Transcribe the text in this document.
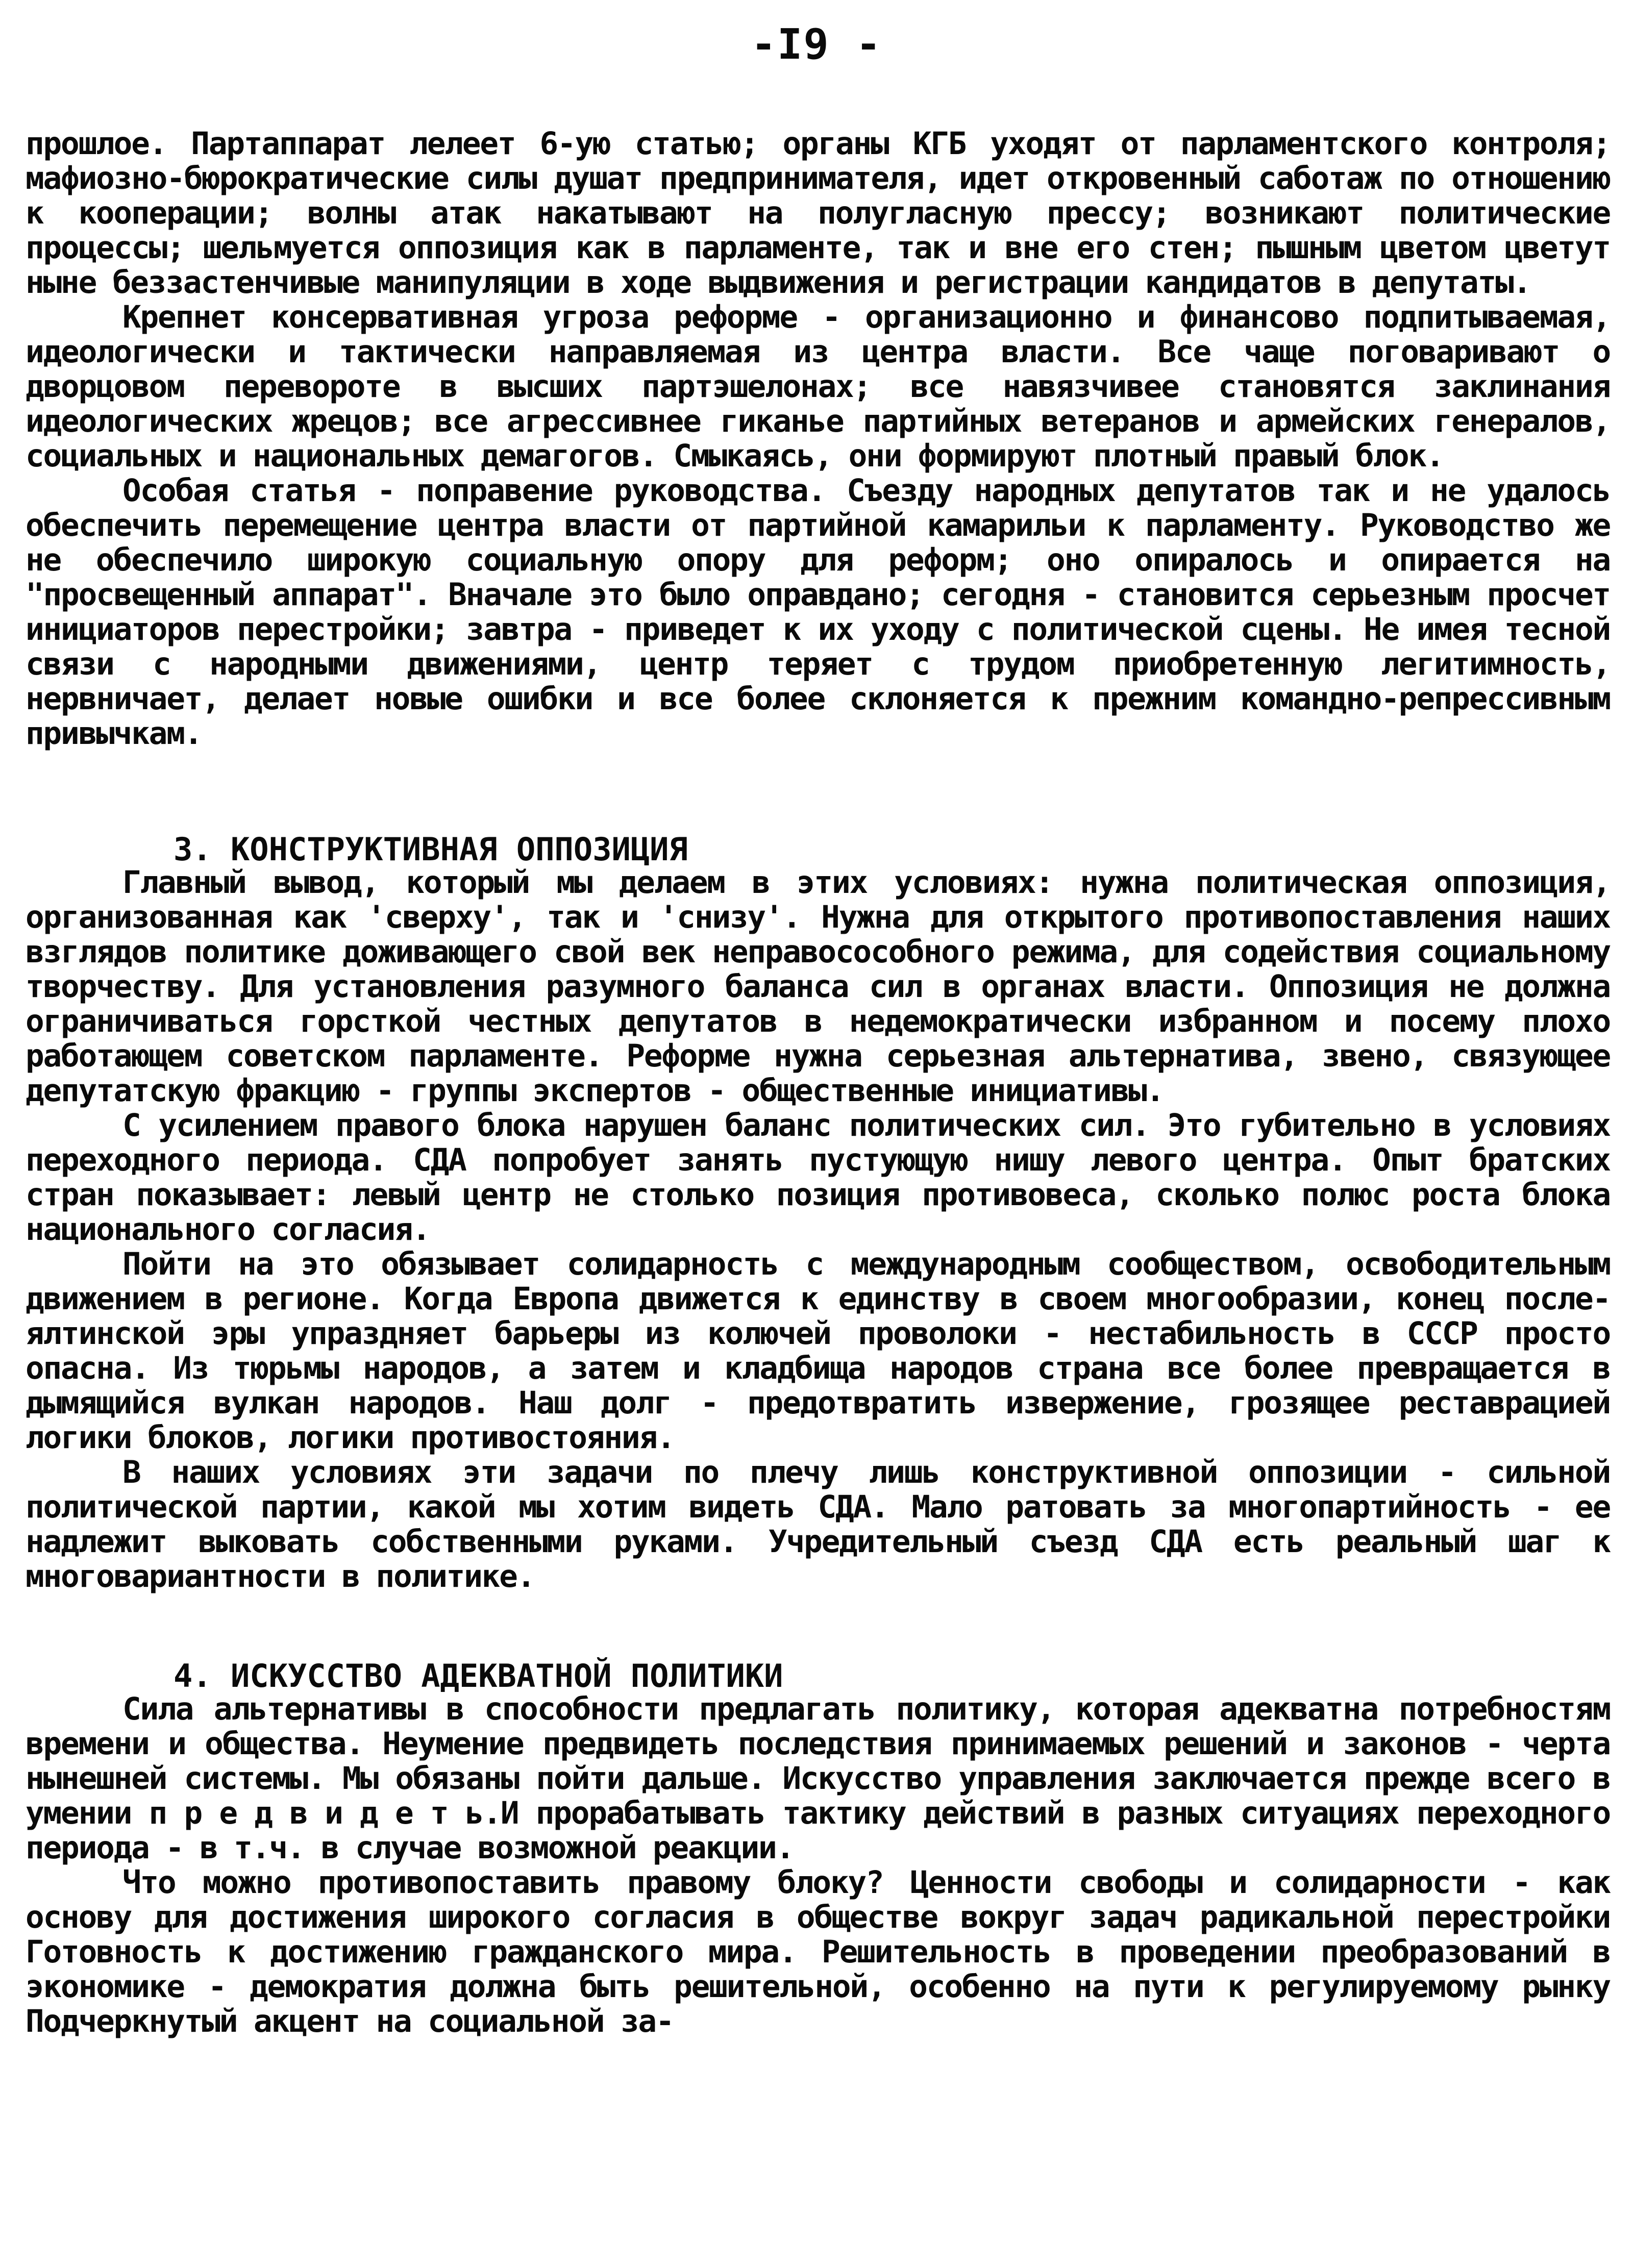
-I9 -

прошлое. Партаппарат лелеет 6-ую статью; органы КГБ уходят от парламентского контроля; мафиозно-бюрократические силы душат предпринимателя, идет откровенный саботаж по отношению к кооперации; волны атак накатывают на полугласную прессу; возникают политические процессы; шельмуется оппозиция как в парламенте, так и вне его стен; пышным цветом цветут ныне беззастенчивые манипуляции в ходе выдвижения и регистрации кандидатов в депутаты.

Крепнет консервативная угроза реформе - организационно и финансово подпитываемая, идеологически и тактически направляемая из центра власти. Все чаще поговаривают о дворцовом перевороте в высших партэшелонах; все навязчивее становятся заклинания идеологических жрецов; все агрессивнее гиканье партийных ветеранов и армейских генералов, социальных и национальных демагогов. Смыкаясь, они формируют плотный правый блок.

Особая статья - поправение руководства. Съезду народных депутатов так и не удалось обеспечить перемещение центра власти от партийной камарильи к парламенту. Руководство же не обеспечило широкую социальную опору для реформ; оно опиралось и опирается на "просвещенный аппарат". Вначале это было оправдано; сегодня - становится серьезным просчет инициаторов перестройки; завтра - приведет к их уходу с политической сцены. Не имея тесной связи с народными движениями, центр теряет с трудом приобретенную легитимность, нервничает, делает новые ошибки и все более склоняется к прежним командно-репрессивным привычкам.

3. КОНСТРУКТИВНАЯ ОППОЗИЦИЯ

Главный вывод, который мы делаем в этих условиях: нужна политическая оппозиция, организованная как 'сверху', так и 'снизу'. Нужна для открытого противопоставления наших взглядов политике доживающего свой век неправосособного режима, для содействия социальному творчеству. Для установления разумного баланса сил в органах власти. Оппозиция не должна ограничиваться горсткой честных депутатов в недемократически избранном и посему плохо работающем советском парламенте. Реформе нужна серьезная альтернатива, звено, связующее депутатскую фракцию - группы экспертов - общественные инициативы.

С усилением правого блока нарушен баланс политических сил. Это губительно в условиях переходного периода. СДА попробует занять пустующую нишу левого центра. Опыт братских стран показывает: левый центр не столько позиция противовеса, сколько полюс роста блока национального согласия.

Пойти на это обязывает солидарность с международным сообществом, освободительным движением в регионе. Когда Европа движется к единству в своем многообразии, конец после-ялтинской эры упраздняет барьеры из колючей проволоки - нестабильность в СССР просто опасна. Из тюрьмы народов, а затем и кладбища народов страна все более превращается в дымящийся вулкан народов. Наш долг - предотвратить извержение, грозящее реставрацией логики блоков, логики противостояния.

В наших условиях эти задачи по плечу лишь конструктивной оппозиции - сильной политической партии, какой мы хотим видеть СДА. Мало ратовать за многопартийность - ее надлежит выковать собственными руками. Учредительный съезд СДА есть реальный шаг к многовариантности в политике.

4. ИСКУССТВО АДЕКВАТНОЙ ПОЛИТИКИ

Сила альтернативы в способности предлагать политику, которая адекватна потребностям времени и общества. Неумение предвидеть последствия принимаемых решений и законов - черта нынешней системы. Мы обязаны пойти дальше. Искусство управления заключается прежде всего в умении п р е д в и д е т ь.И прорабатывать тактику действий в разных ситуациях переходного периода - в т.ч. в случае возможной реакции.

Что можно противопоставить правому блоку? Ценности свободы и солидарности - как основу для достижения широкого согласия в обществе вокруг задач радикальной перестройки Готовность к достижению гражданского мира. Решительность в проведении преобразований в экономике - демократия должна быть решительной, особенно на пути к регулируемому рынку Подчеркнутый акцент на социальной за-
